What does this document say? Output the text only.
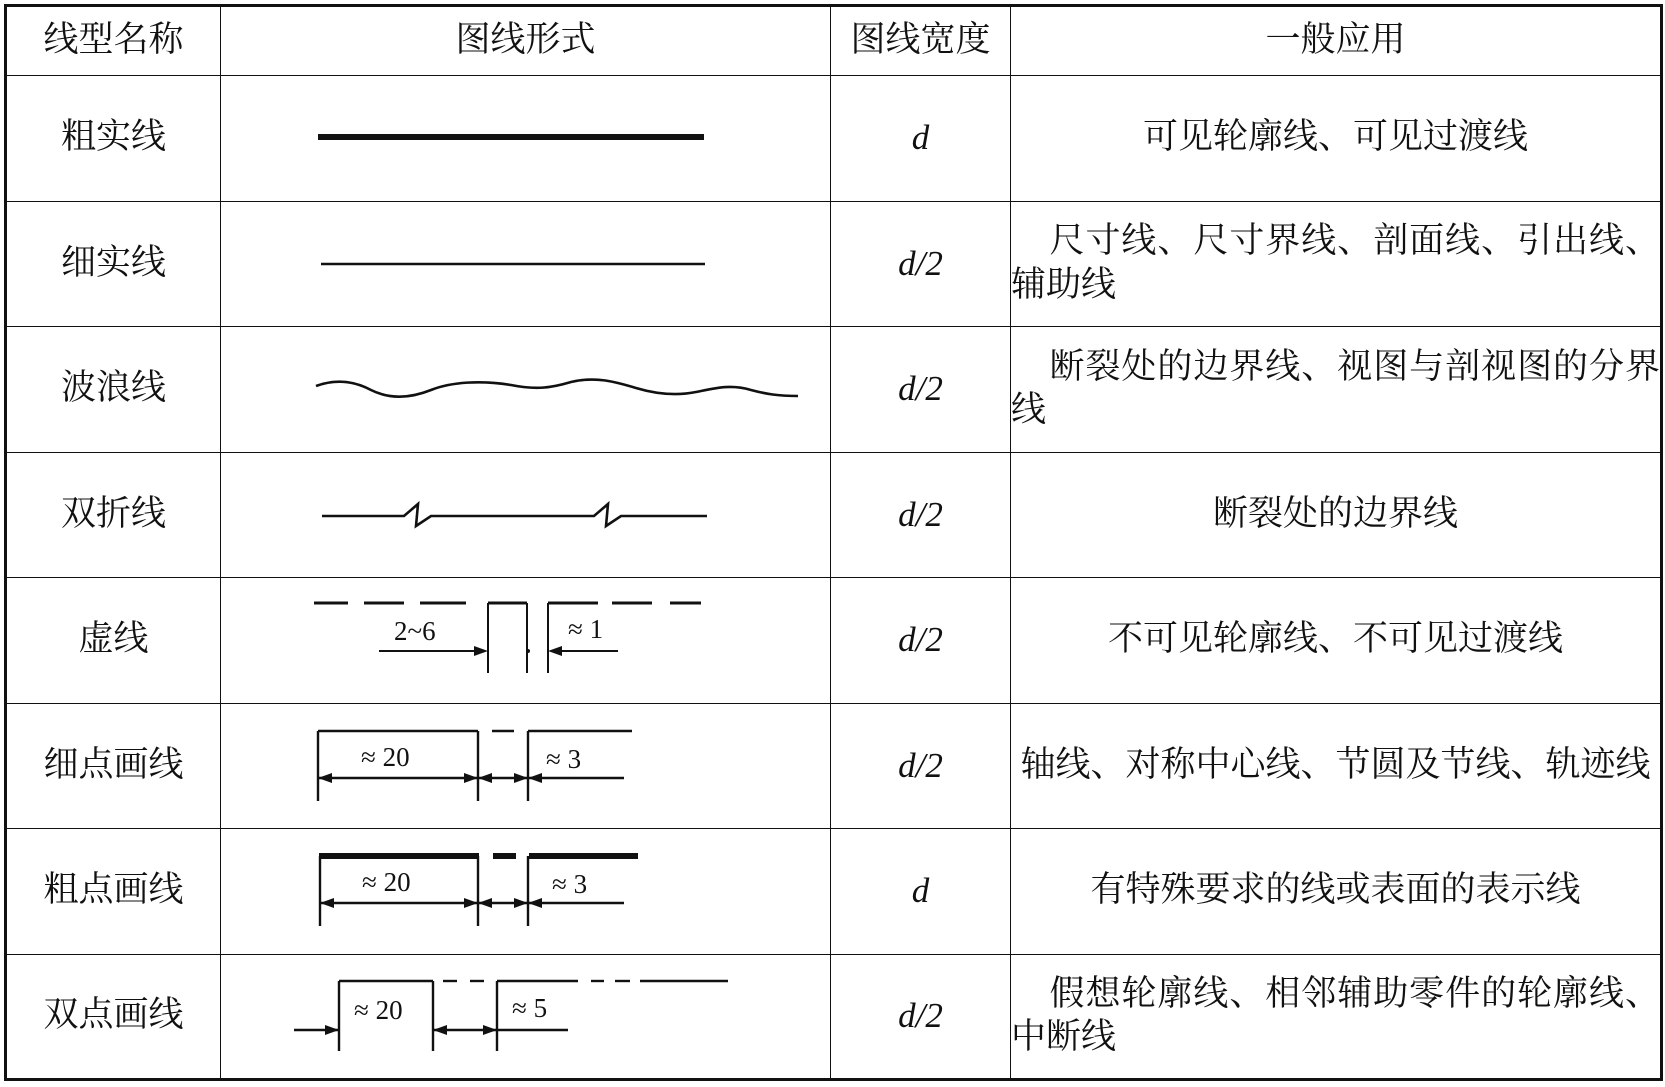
线型名称	图线形式	图线宽度	一般应用
粗实线		d	可见轮廓线、可见过渡线
细实线		d/2	尺寸线、尺寸界线、剖面线、引出线、辅助线

波浪线		d/2	断裂处的边界线、视图与剖视图的分界线

双折线		d/2	断裂处的边界线
虚线	2~6 ≈ 1	d/2	不可见轮廓线、不可见过渡线
细点画线	≈ 20 ≈ 3	d/2	轴线、对称中心线、节圆及节线、轨迹线
粗点画线	≈ 20 ≈ 3	d	有特殊要求的线或表面的表示线
双点画线	≈ 20 ≈ 5	d/2	假想轮廓线、相邻辅助零件的轮廓线、中断线
